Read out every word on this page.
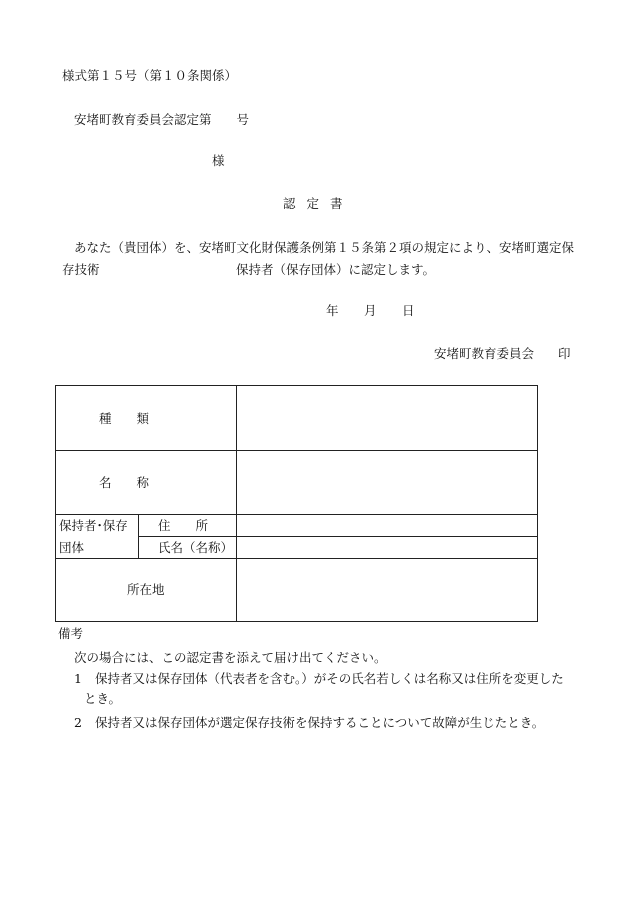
様式第１５号（第１０条関係）
安堵町教育委員会認定第　　号
様
認 定 書
あなた（貴団体）を、安堵町文化財保護条例第１５条第２項の規定により、安堵町選定保
存技術	保持者（保存団体）に認定します。
年 月 日
安堵町教育委員会 印
種　　類
名　　称
保持者･保存
団体
住　　所
氏名（名称）
所在地
備考
次の場合には、この認定書を添えて届け出てください。
1 保持者又は保存団体（代表者を含む。）がその氏名若しくは名称又は住所を変更した
とき。
2 保持者又は保存団体が選定保存技術を保持することについて故障が生じたとき。
